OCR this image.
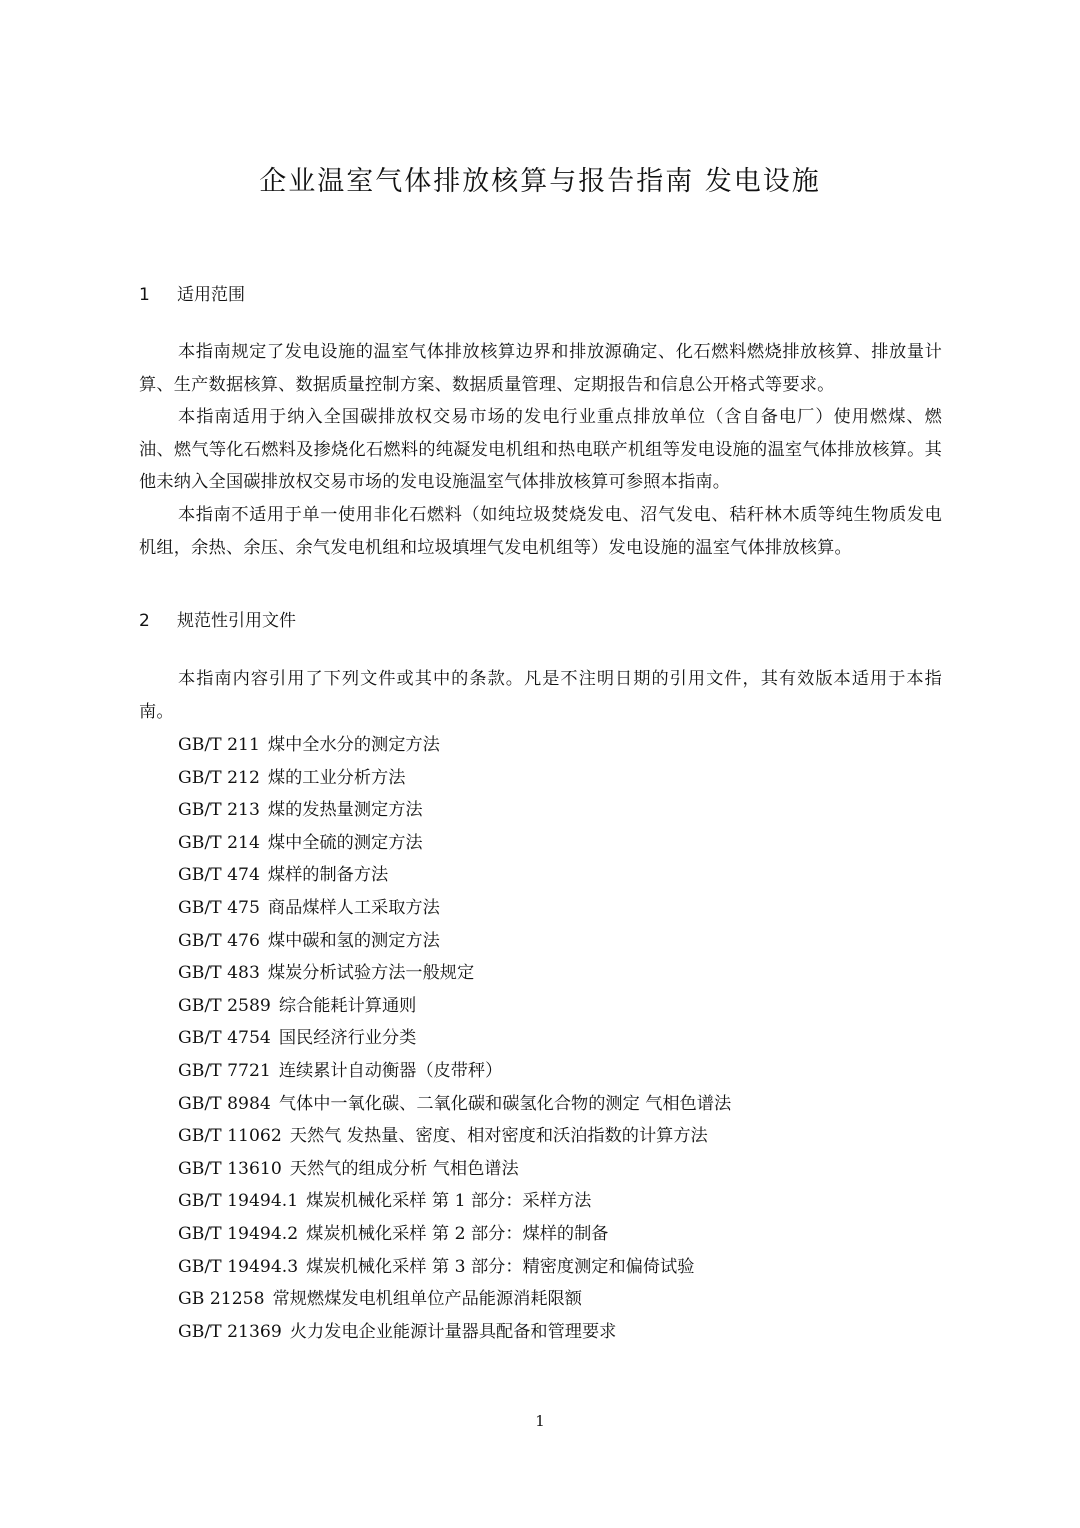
企业温室气体排放核算与报告指南 发电设施
1 适用范围

本指南规定了发电设施的温室气体排放核算边界和排放源确定、化石燃料燃烧排放核算、排放量计算、生产数据核算、数据质量控制方案、数据质量管理、定期报告和信息公开格式等要求。

本指南适用于纳入全国碳排放权交易市场的发电行业重点排放单位（含自备电厂）使用燃煤、燃油、燃气等化石燃料及掺烧化石燃料的纯凝发电机组和热电联产机组等发电设施的温室气体排放核算。其他未纳入全国碳排放权交易市场的发电设施温室气体排放核算可参照本指南。

本指南不适用于单一使用非化石燃料（如纯垃圾焚烧发电、沼气发电、秸秆林木质等纯生物质发电机组，余热、余压、余气发电机组和垃圾填埋气发电机组等）发电设施的温室气体排放核算。

2 规范性引用文件

本指南内容引用了下列文件或其中的条款。凡是不注明日期的引用文件，其有效版本适用于本指南。

GB/T 211 煤中全水分的测定方法
GB/T 212 煤的工业分析方法
GB/T 213 煤的发热量测定方法
GB/T 214 煤中全硫的测定方法
GB/T 474 煤样的制备方法
GB/T 475 商品煤样人工采取方法
GB/T 476 煤中碳和氢的测定方法
GB/T 483 煤炭分析试验方法一般规定
GB/T 2589 综合能耗计算通则
GB/T 4754 国民经济行业分类
GB/T 7721 连续累计自动衡器（皮带秤）
GB/T 8984 气体中一氧化碳、二氧化碳和碳氢化合物的测定 气相色谱法
GB/T 11062 天然气 发热量、密度、相对密度和沃泊指数的计算方法
GB/T 13610 天然气的组成分析 气相色谱法
GB/T 19494.1 煤炭机械化采样 第 1 部分：采样方法
GB/T 19494.2 煤炭机械化采样 第 2 部分：煤样的制备
GB/T 19494.3 煤炭机械化采样 第 3 部分：精密度测定和偏倚试验
GB 21258 常规燃煤发电机组单位产品能源消耗限额
GB/T 21369 火力发电企业能源计量器具配备和管理要求
1
